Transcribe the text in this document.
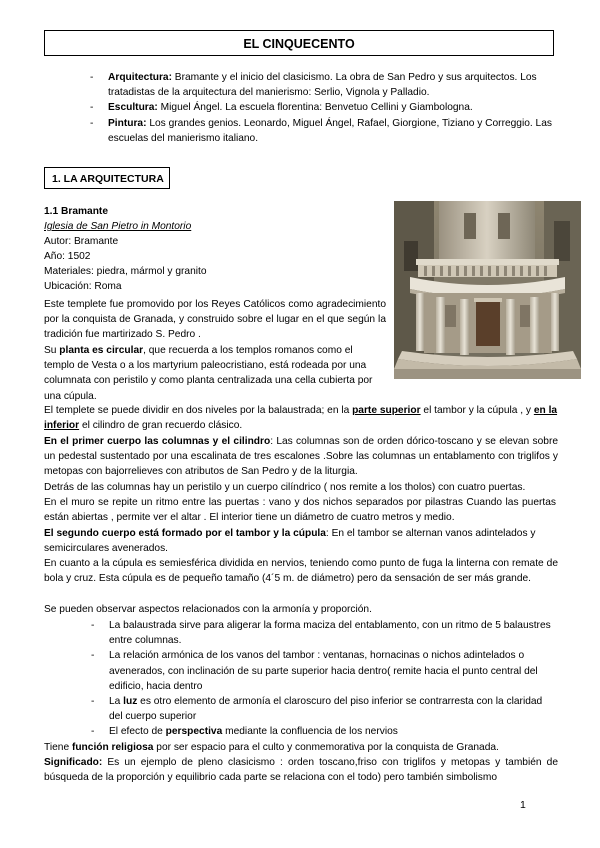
EL CINQUECENTO
- Arquitectura: Bramante y el inicio del clasicismo. La obra de San Pedro y sus arquitectos. Los tratadistas de la arquitectura del manierismo: Serlio, Vignola y Palladio.
- Escultura: Miguel Ángel. La escuela florentina: Benvetuo Cellini y Giambologna.
- Pintura: Los grandes genios. Leonardo, Miguel Ángel, Rafael, Giorgione, Tiziano y Correggio. Las escuelas del manierismo italiano.
1. LA ARQUITECTURA

1.1 Bramante

Iglesia de San Pietro in Montorio

Autor: Bramante

Año: 1502

Materiales: piedra, mármol y granito

Ubicación: Roma

Este templete fue promovido por los Reyes Católicos como agradecimiento por la conquista de Granada, y construido sobre el lugar en el que según la tradición fue martirizado S. Pedro .

Su planta es circular, que recuerda a los templos romanos como el templo de Vesta o a los martyrium paleocristiano, está rodeada por una columnata con peristilo y como planta centralizada una cella cubierta por una cúpula.

El templete se puede dividir en dos niveles por la balaustrada; en la parte superior el tambor y la cúpula , y en la inferior el cilindro de gran recuerdo clásico.

En el primer cuerpo las columnas y el cilindro: Las columnas son de orden dórico-toscano y se elevan sobre un pedestal sustentado por una escalinata de tres escalones .Sobre las columnas un entablamento con triglifos y metopas con bajorrelieves con atributos de San Pedro y de la liturgia.

Detrás de las columnas hay un peristilo y un cuerpo cilíndrico ( nos remite a los tholos) con cuatro puertas.

En el muro se repite un ritmo entre las puertas : vano y dos nichos separados por pilastras Cuando las puertas están abiertas , permite ver el altar . El interior tiene un diámetro de cuatro metros y medio.

El segundo cuerpo está formado por el tambor y la cúpula: En el tambor se alternan vanos adintelados y semicirculares avenerados.

En cuanto a la cúpula es semiesférica dividida en nervios, teniendo como punto de fuga la linterna con remate de bola y cruz. Esta cúpula es de pequeño tamaño (4´5 m. de diámetro) pero da sensación de ser más grande.

Se pueden observar aspectos relacionados con la armonía y proporción.

- La balaustrada sirve para aligerar la forma maciza del entablamento, con un ritmo de 5 balaustres entre columnas.
- La relación armónica de los vanos del tambor : ventanas, hornacinas o nichos adintelados o avenerados, con inclinación de su parte superior hacia dentro( remite hacia el punto central del edificio, hacia dentro
- La luz es otro elemento de armonía el claroscuro del piso inferior se contrarresta con la claridad del cuerpo superior
- El efecto de perspectiva mediante la confluencia de los nervios

Tiene función religiosa por ser espacio para el culto y conmemorativa por la conquista de Granada.

Significado: Es un ejemplo de pleno clasicismo : orden toscano,friso con triglifos y metopas y también de búsqueda de la proporción y equilibrio cada parte se relaciona con el todo) pero también simbolismo

1
